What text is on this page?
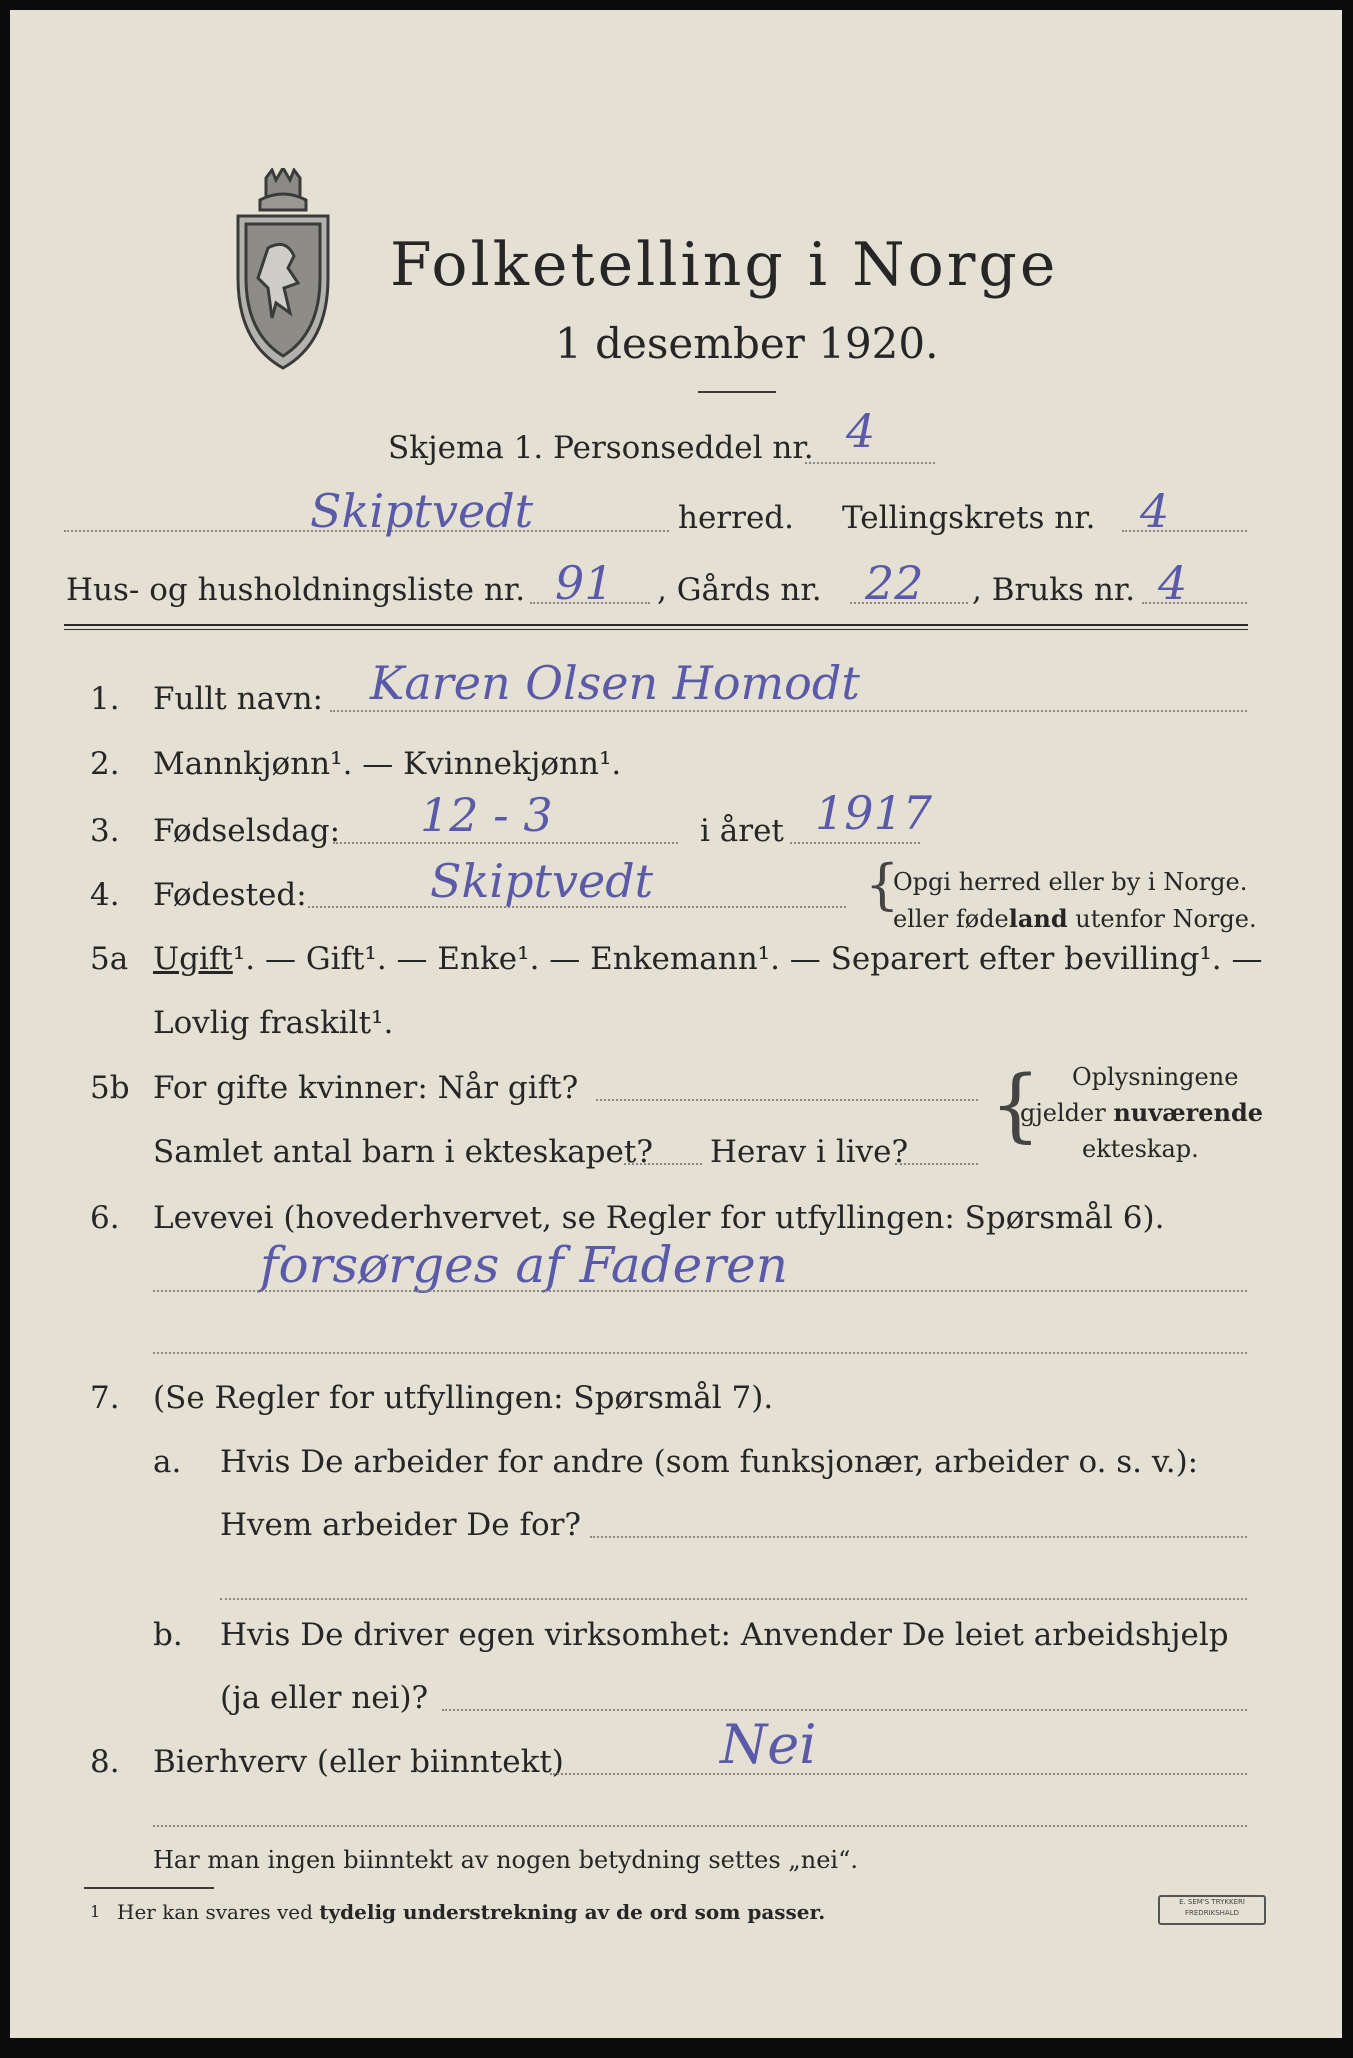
Folketelling i Norge
1 desember 1920.
Skjema 1. Personseddel nr. 4
Skiptvedt	herred. Tellingskrets nr. 4
Hus- og husholdningsliste nr. 91 , Gårds nr. 22 , Bruks nr. 4
1. Fullt navn: Karen Olsen Homodt
2. Mannkjønn¹. — Kvinnekjønn¹.
3. Fødselsdag: 12 - 3	i året 1917
4. Fødested:	Skiptvedt	{
Opgi herred eller by i Norge.
eller fødeland utenfor Norge.
5a Ugift¹. — Gift¹. — Enke¹. — Enkemann¹. — Separert efter bevilling¹. —
Lovlig fraskilt¹.
5b For gifte kvinner: Når gift?
Samlet antal barn i ekteskapet? Herav i live?
{ Oplysningene
gjelder nuværende
ekteskap.
6. Levevei (hovederhvervet, se Regler for utfyllingen: Spørsmål 6).
forsørges af Faderen
7. (Se Regler for utfyllingen: Spørsmål 7).
a. Hvis De arbeider for andre (som funksjonær, arbeider o. s. v.):
Hvem arbeider De for?
b. Hvis De driver egen virksomhet: Anvender De leiet arbeidshjelp
(ja eller nei)?
8. Bierhverv (eller biinntekt)	Nei
Har man ingen biinntekt av nogen betydning settes „nei“.
1 Her kan svares ved tydelig understrekning av de ord som passer.	E. SEM'S TRYKKERI
FREDRIKSHALD
